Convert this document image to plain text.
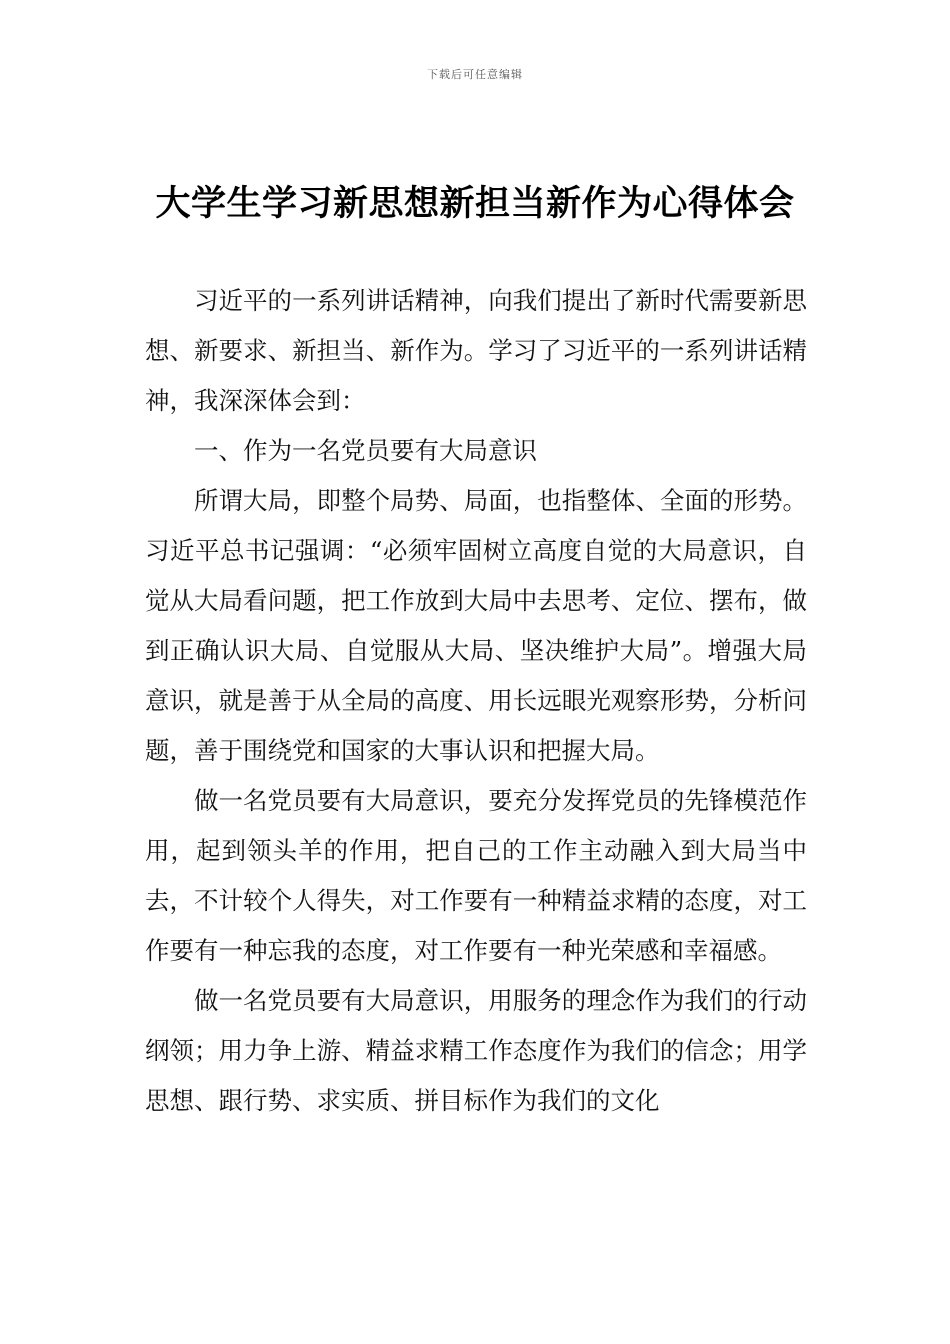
下载后可任意编辑
大学生学习新思想新担当新作为心得体会

习近平的一系列讲话精神，向我们提出了新时代需要新思想、新要求、新担当、新作为。学习了习近平的一系列讲话精神，我深深体会到：

一、作为一名党员要有大局意识

所谓大局，即整个局势、局面，也指整体、全面的形势。习近平总书记强调：“必须牢固树立高度自觉的大局意识，自觉从大局看问题，把工作放到大局中去思考、定位、摆布，做到正确认识大局、自觉服从大局、坚决维护大局”。增强大局意识，就是善于从全局的高度、用长远眼光观察形势，分析问题，善于围绕党和国家的大事认识和把握大局。

做一名党员要有大局意识，要充分发挥党员的先锋模范作用，起到领头羊的作用，把自己的工作主动融入到大局当中去，不计较个人得失，对工作要有一种精益求精的态度，对工作要有一种忘我的态度，对工作要有一种光荣感和幸福感。

做一名党员要有大局意识，用服务的理念作为我们的行动纲领；用力争上游、精益求精工作态度作为我们的信念；用学思想、跟行势、求实质、拼目标作为我们的文化
